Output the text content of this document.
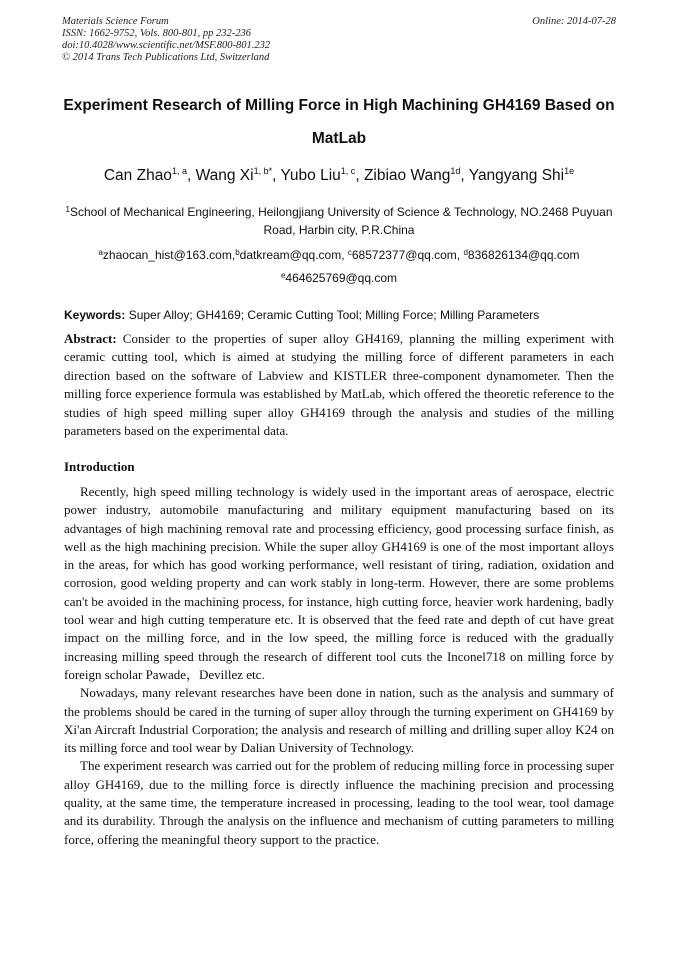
Materials Science Forum
ISSN: 1662-9752, Vols. 800-801, pp 232-236
doi:10.4028/www.scientific.net/MSF.800-801.232
© 2014 Trans Tech Publications Ltd, Switzerland
Online: 2014-07-28
Experiment Research of Milling Force in High Machining GH4169 Based on MatLab
Can Zhao$^{1, a}$, Wang $Xi^{1, b*}$, Yubo Liu$^{1, c}$, Zibiao Wang$^{1d}$, Yangyang Shi$^{1e}$
$^1$School of Mechanical Engineering, Heilongjiang University of Science & Technology, NO.2468 Puyuan Road, Harbin city, P.R.China
$^a$zhaocan_hist@163.com,$^b$datkream@qq.com, $^c$68572377@qq.com, $^d$836826134@qq.com
$^e$464625769@qq.com
Keywords: Super Alloy; GH4169; Ceramic Cutting Tool; Milling Force; Milling Parameters
Abstract: Consider to the properties of super alloy GH4169, planning the milling experiment with ceramic cutting tool, which is aimed at studying the milling force of different parameters in each direction based on the software of Labview and KISTLER three-component dynamometer. Then the milling force experience formula was established by MatLab, which offered the theoretic reference to the studies of high speed milling super alloy GH4169 through the analysis and studies of the milling parameters based on the experimental data.
Introduction

Recently, high speed milling technology is widely used in the important areas of aerospace, electric power industry, automobile manufacturing and military equipment manufacturing based on its advantages of high machining removal rate and processing efficiency, good processing surface finish, as well as the high machining precision. While the super alloy GH4169 is one of the most important alloys in the areas, for which has good working performance, well resistant of tiring, radiation, oxidation and corrosion, good welding property and can work stably in long-term. However, there are some problems can't be avoided in the machining process, for instance, high cutting force, heavier work hardening, badly tool wear and high cutting temperature etc. It is observed that the feed rate and depth of cut have great impact on the milling force, and in the low speed, the milling force is reduced with the gradually increasing milling speed through the research of different tool cuts the Inconel718 on milling force by foreign scholar Pawade，Devillez etc.

Nowadays, many relevant researches have been done in nation, such as the analysis and summary of the problems should be cared in the turning of super alloy through the turning experiment on GH4169 by Xi'an Aircraft Industrial Corporation; the analysis and research of milling and drilling super alloy K24 on its milling force and tool wear by Dalian University of Technology.

The experiment research was carried out for the problem of reducing milling force in processing super alloy GH4169, due to the milling force is directly influence the machining precision and processing quality, at the same time, the temperature increased in processing, leading to the tool wear, tool damage and its durability. Through the analysis on the influence and mechanism of cutting parameters to milling force, offering the meaningful theory support to the practice.
